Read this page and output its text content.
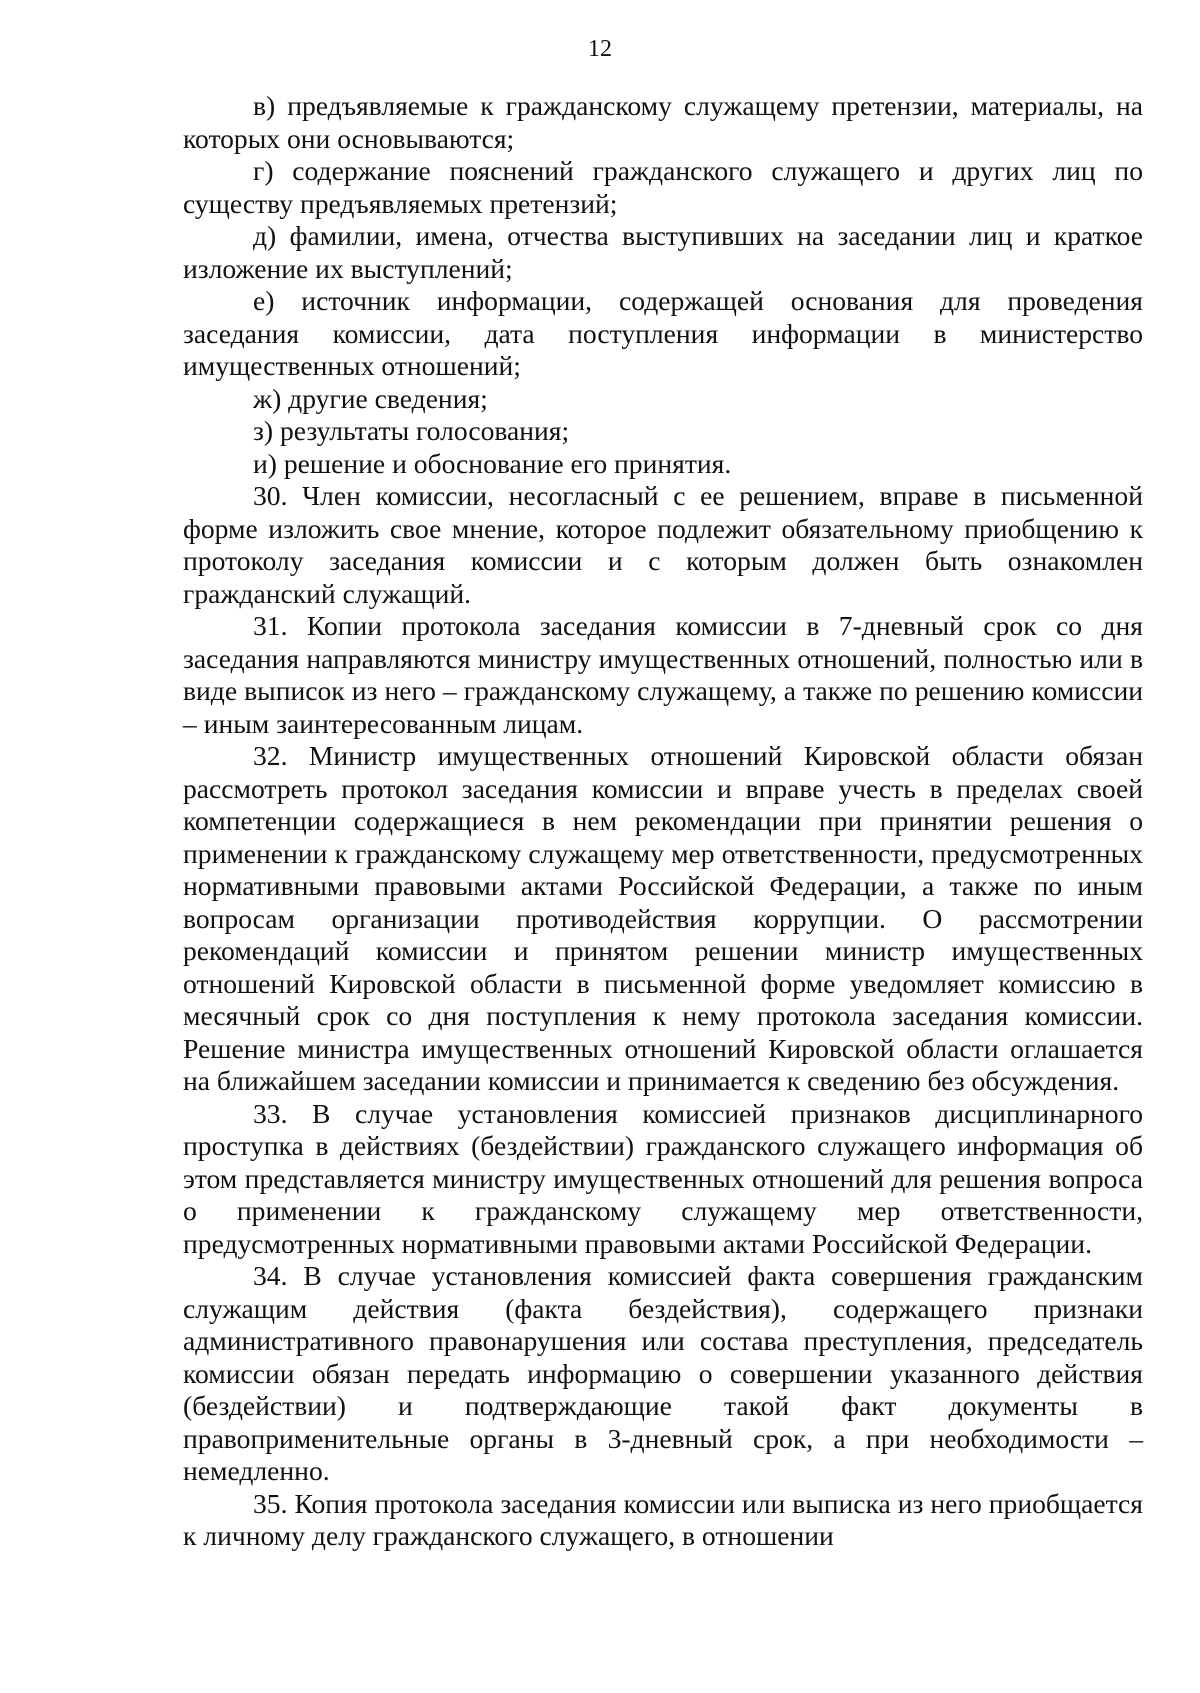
12

в) предъявляемые к гражданскому служащему претензии, материалы, на которых они основываются;

г) содержание пояснений гражданского служащего и других лиц по существу предъявляемых претензий;

д) фамилии, имена, отчества выступивших на заседании лиц и краткое изложение их выступлений;

е) источник информации, содержащей основания для проведения заседания комиссии, дата поступления информации в министерство имущественных отношений;

ж) другие сведения;

з) результаты голосования;

и) решение и обоснование его принятия.

30. Член комиссии, несогласный с ее решением, вправе в письменной форме изложить свое мнение, которое подлежит обязательному приобщению к протоколу заседания комиссии и с которым должен быть ознакомлен гражданский служащий.

31. Копии протокола заседания комиссии в 7-дневный срок со дня заседания направляются министру имущественных отношений, полностью или в виде выписок из него – гражданскому служащему, а также по решению комиссии – иным заинтересованным лицам.

32. Министр имущественных отношений Кировской области обязан рассмотреть протокол заседания комиссии и вправе учесть в пределах своей компетенции содержащиеся в нем рекомендации при принятии решения о применении к гражданскому служащему мер ответственности, предусмотренных нормативными правовыми актами Российской Федерации, а также по иным вопросам организации противодействия коррупции. О рассмотрении рекомендаций комиссии и принятом решении министр имущественных отношений Кировской области в письменной форме уведомляет комиссию в месячный срок со дня поступления к нему протокола заседания комиссии. Решение министра имущественных отношений Кировской области оглашается на ближайшем заседании комиссии и принимается к сведению без обсуждения.

33. В случае установления комиссией признаков дисциплинарного проступка в действиях (бездействии) гражданского служащего информация об этом представляется министру имущественных отношений для решения вопроса о применении к гражданскому служащему мер ответственности, предусмотренных нормативными правовыми актами Российской Федерации.

34. В случае установления комиссией факта совершения гражданским служащим действия (факта бездействия), содержащего признаки административного правонарушения или состава преступления, председатель комиссии обязан передать информацию о совершении указанного действия (бездействии) и подтверждающие такой факт документы в правоприменительные органы в 3-дневный срок, а при необходимости – немедленно.

35. Копия протокола заседания комиссии или выписка из него приобщается к личному делу гражданского служащего, в отношении
